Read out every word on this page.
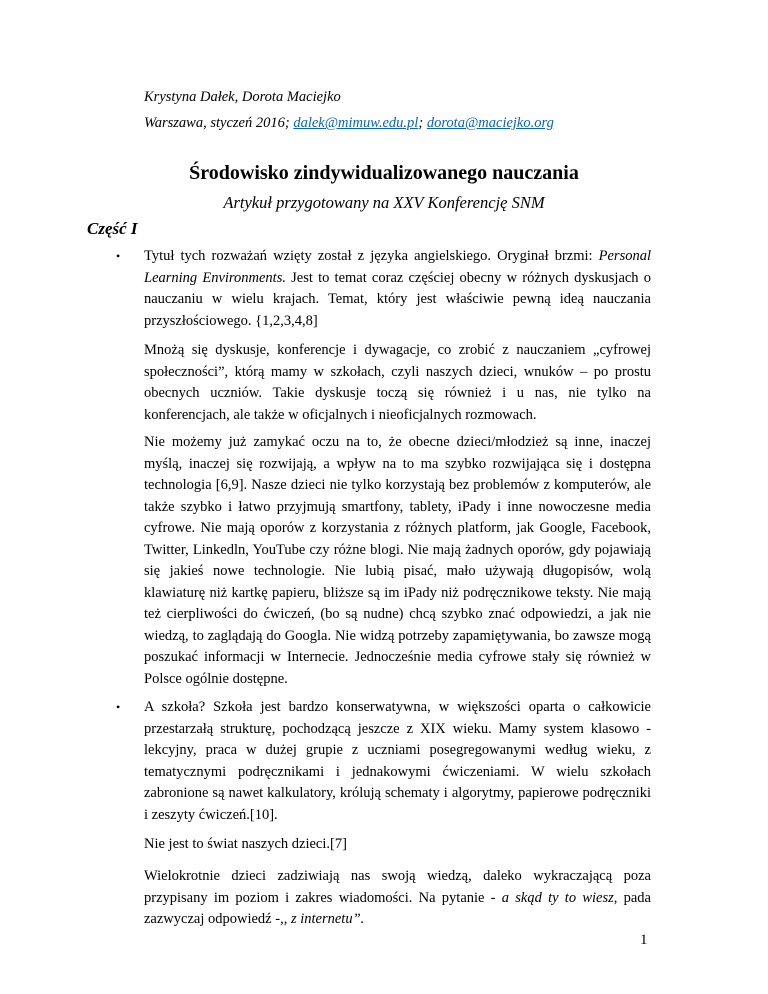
Krystyna Dałek, Dorota Maciejko
Warszawa, styczeń 2016; dalek@mimuw.edu.pl; dorota@maciejko.org
Środowisko zindywidualizowanego nauczania
Artykuł przygotowany na XXV Konferencję SNM
Część I
• Tytuł tych rozważań wzięty został z języka angielskiego. Oryginał brzmi: Personal Learning Environments. Jest to temat coraz częściej obecny w różnych dyskusjach o nauczaniu w wielu krajach. Temat, który jest właściwie pewną ideą nauczania przyszłościowego. {1,2,3,4,8]
Mnożą się dyskusje, konferencje i dywagacje, co zrobić z nauczaniem „cyfrowej społeczności”, którą mamy w szkołach, czyli naszych dzieci, wnuków – po prostu obecnych uczniów. Takie dyskusje toczą się również i u nas, nie tylko na konferencjach, ale także w oficjalnych i nieoficjalnych rozmowach.
Nie możemy już zamykać oczu na to, że obecne dzieci/młodzież są inne, inaczej myślą, inaczej się rozwijają, a wpływ na to ma szybko rozwijająca się i dostępna technologia [6,9]. Nasze dzieci nie tylko korzystają bez problemów z komputerów, ale także szybko i łatwo przyjmują smartfony, tablety, iPady i inne nowoczesne media cyfrowe. Nie mają oporów z korzystania z różnych platform, jak Google, Facebook, Twitter, Linkedln, YouTube czy różne blogi. Nie mają żadnych oporów, gdy pojawiają się jakieś nowe technologie. Nie lubią pisać, mało używają długopisów, wolą klawiaturę niż kartkę papieru, bliższe są im iPady niż podręcznikowe teksty. Nie mają też cierpliwości do ćwiczeń, (bo są nudne) chcą szybko znać odpowiedzi, a jak nie wiedzą, to zaglądają do Googla. Nie widzą potrzeby zapamiętywania, bo zawsze mogą poszukać informacji w Internecie. Jednocześnie media cyfrowe stały się również w Polsce ogólnie dostępne.
• A szkoła? Szkoła jest bardzo konserwatywna, w większości oparta o całkowicie przestarzałą strukturę, pochodzącą jeszcze z XIX wieku. Mamy system klasowo - lekcyjny, praca w dużej grupie z uczniami posegregowanymi według wieku, z tematycznymi podręcznikami i jednakowymi ćwiczeniami. W wielu szkołach zabronione są nawet kalkulatory, królują schematy i algorytmy, papierowe podręczniki i zeszyty ćwiczeń.[10].
Nie jest to świat naszych dzieci.[7]
Wielokrotnie dzieci zadziwiają nas swoją wiedzą, daleko wykraczającą poza przypisany im poziom i zakres wiadomości. Na pytanie - a skąd ty to wiesz, pada zazwyczaj odpowiedź -,, z internetu”.
1
